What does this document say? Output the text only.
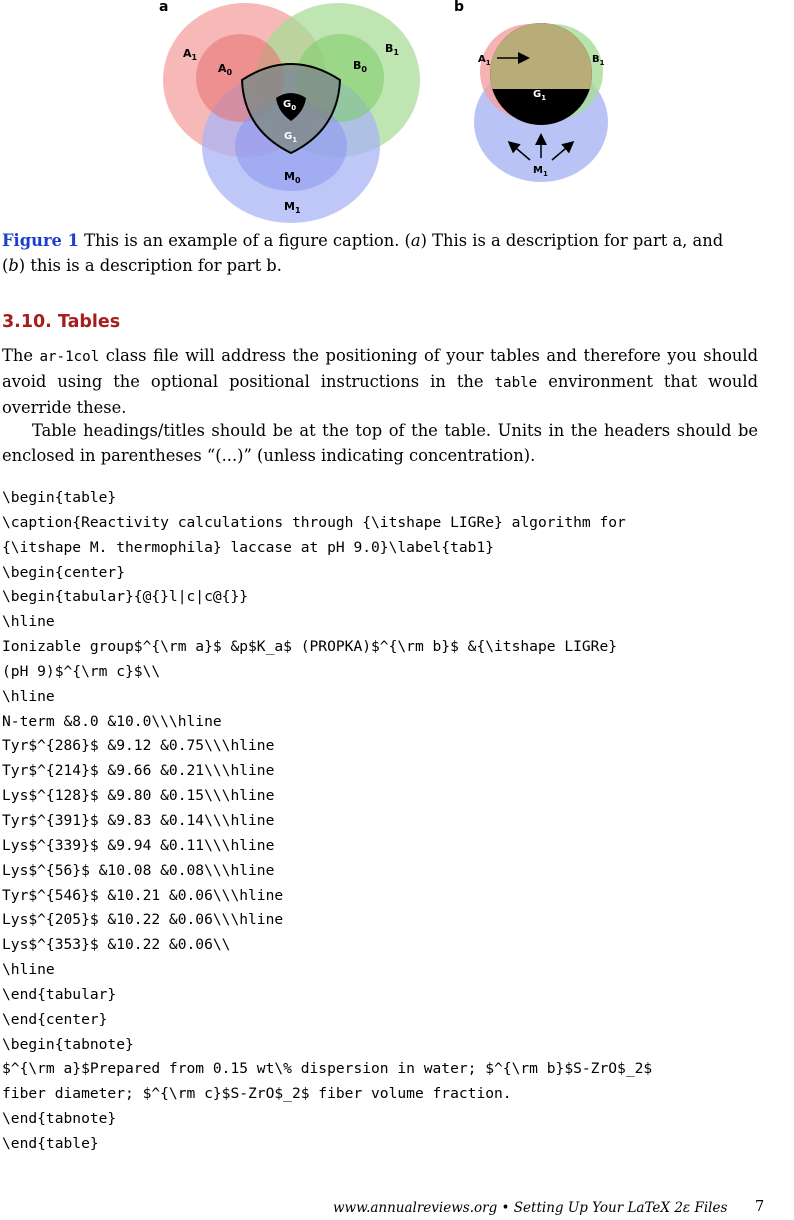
$A_1$
$A_0$
$B_1$
$B_0$
$G_0$
$G_1$
$M_0$
$M_1$
a
$A_1$	$B_1$
$G_1$
$M_1$
b
Figure 1 This is an example of a figure caption. (a) This is a description for part a, and
(b) this is a description for part b.
3.10. Tables
The ar-1col class file will address the positioning of your tables and therefore you should avoid using the optional positional instructions in the table environment that would override these.
Table headings/titles should be at the top of the table. Units in the headers should be enclosed in parentheses “(...)” (unless indicating concentration).
\begin{table}
\caption{Reactivity calculations through {\itshape LIGRe} algorithm for
{\itshape M. thermophila} laccase at pH 9.0}\label{tab1}
\begin{center}
\begin{tabular}{@{}l|c|c@{}}
\hline
Ionizable group$^{\rm a}$ &p$K_a$ (PROPKA)$^{\rm b}$ &{\itshape LIGRe}
(pH 9)$^{\rm c}$\\
\hline
N-term &8.0 &10.0\\\hline
Tyr$^{286}$ &9.12 &0.75\\\hline
Tyr$^{214}$ &9.66 &0.21\\\hline
Lys$^{128}$ &9.80 &0.15\\\hline
Tyr$^{391}$ &9.83 &0.14\\\hline
Lys$^{339}$ &9.94 &0.11\\\hline
Lys$^{56}$ &10.08 &0.08\\\hline
Tyr$^{546}$ &10.21 &0.06\\\hline
Lys$^{205}$ &10.22 &0.06\\\hline
Lys$^{353}$ &10.22 &0.06\\
\hline
\end{tabular}
\end{center}
\begin{tabnote}
$^{\rm a}$Prepared from 0.15 wt\% dispersion in water; $^{\rm b}$S-ZrO$_2$
fiber diameter; $^{\rm c}$S-ZrO$_2$ fiber volume fraction.
\end{tabnote}
\end{table}
www.annualreviews.org • Setting Up Your LaTeX 2ε Files 7
